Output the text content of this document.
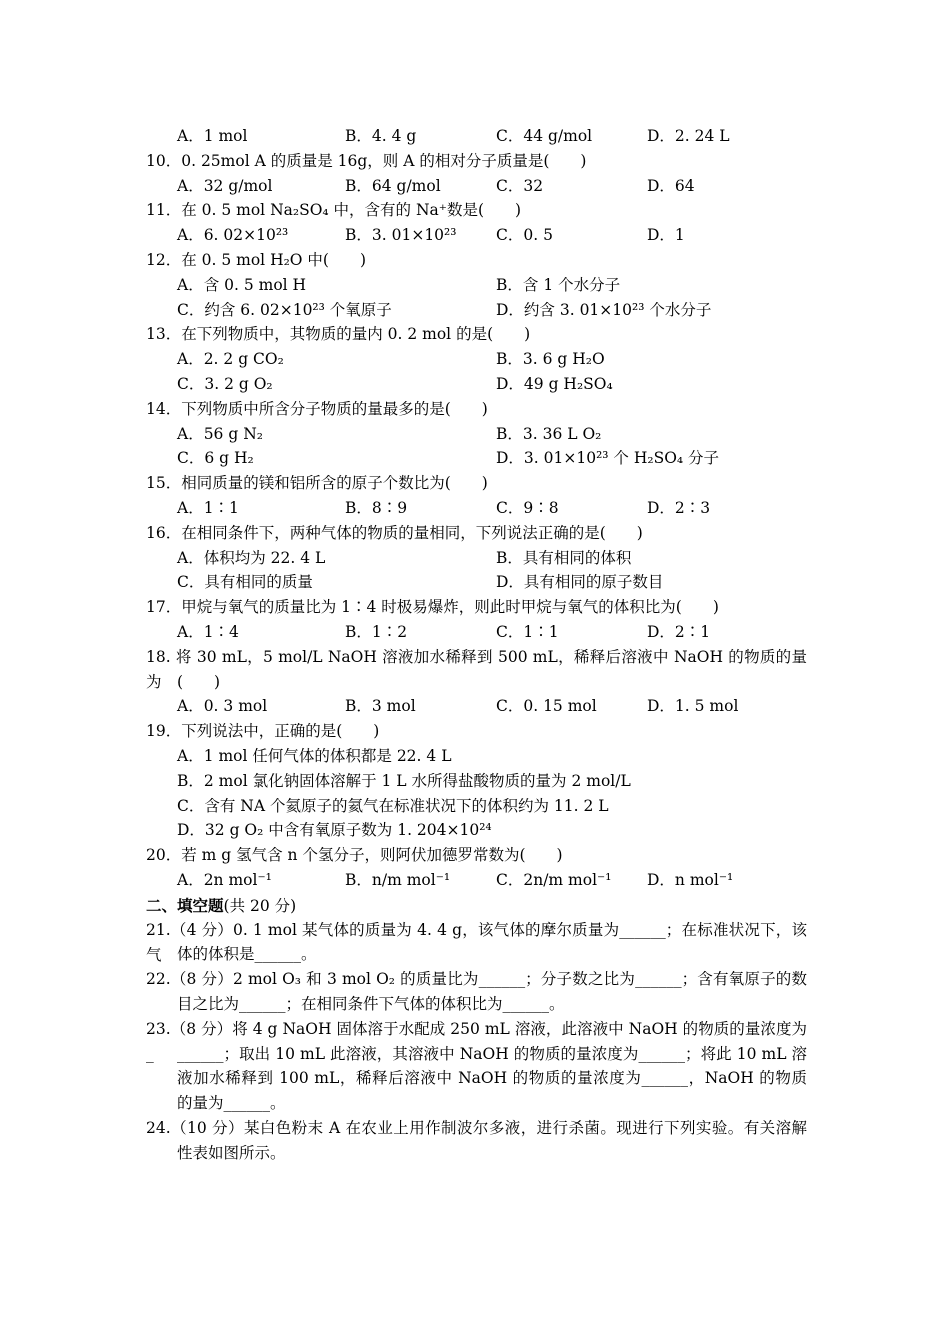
A．1 mol	B．4. 4 g	C．44 g/mol	D．2. 24 L
10．0. 25mol A 的质量是 16g，则 A 的相对分子质量是(　　)
A．32 g/mol	B．64 g/mol	C．32	D．64
11．在 0. 5 mol Na₂SO₄ 中，含有的 Na⁺数是(　　)
A．6. 02×10²³	B．3. 01×10²³	C．0. 5	D．1
12．在 0. 5 mol H₂O 中(　　)
A．含 0. 5 mol H	B．含 1 个水分子
C．约含 6. 02×10²³ 个氧原子	D．约含 3. 01×10²³ 个水分子
13．在下列物质中，其物质的量内 0. 2 mol 的是(　　)
A．2. 2 g CO₂	B．3. 6 g H₂O
C．3. 2 g O₂	D．49 g H₂SO₄
14．下列物质中所含分子物质的量最多的是(　　)
A．56 g N₂	B．3. 36 L O₂
C．6 g H₂	D．3. 01×10²³ 个 H₂SO₄ 分子
15．相同质量的镁和铝所含的原子个数比为(　　)
A．1∶1	B．8∶9	C．9∶8	D．2∶3
16．在相同条件下，两种气体的物质的量相同，下列说法正确的是(　　)
A．体积均为 22. 4 L	B．具有相同的体积
C．具有相同的质量	D．具有相同的原子数目
17．甲烷与氧气的质量比为 1∶4 时极易爆炸，则此时甲烷与氧气的体积比为(　　)
A．1∶4	B．1∶2	C．1∶1	D．2∶1
18. 将 30 mL，5 mol/L NaOH 溶液加水稀释到 500 mL，稀释后溶液中 NaOH 的物质的量为 (　　)
A．0. 3 mol	B．3 mol	C．0. 15 mol	D．1. 5 mol
19．下列说法中，正确的是(　　)
A．1 mol 任何气体的体积都是 22. 4 L
B．2 mol 氯化钠固体溶解于 1 L 水所得盐酸物质的量为 2 mol/L
C．含有 NA 个氦原子的氦气在标准状况下的体积约为 11. 2 L
D．32 g O₂ 中含有氧原子数为 1. 204×10²⁴
20．若 m g 氢气含 n 个氢分子，则阿伏加德罗常数为(　　)
A．2n mol⁻¹	B．n/m mol⁻¹	C．2n/m mol⁻¹ D．n mol⁻¹
二、填空题(共 20 分)
21.（4 分）0. 1 mol 某气体的质量为 4. 4 g，该气体的摩尔质量为______；在标准状况下，该气 体的体积是______。
22.（8 分）2 mol O₃ 和 3 mol O₂ 的质量比为______；分子数之比为______；含有氧原子的数
目之比为______；在相同条件下气体的体积比为______。
23.（8 分）将 4 g NaOH 固体溶于水配成 250 mL 溶液，此溶液中 NaOH 的物质的量浓度为_	______；取出 10 mL 此溶液，其溶液中 NaOH 的物质的量浓度为______；将此 10 mL 溶
液加水稀释到 100 mL，稀释后溶液中 NaOH 的物质的量浓度为______，NaOH 的物质
的量为______。
24.（10 分）某白色粉末 A 在农业上用作制波尔多液，进行杀菌。现进行下列实验。有关溶解
性表如图所示。
